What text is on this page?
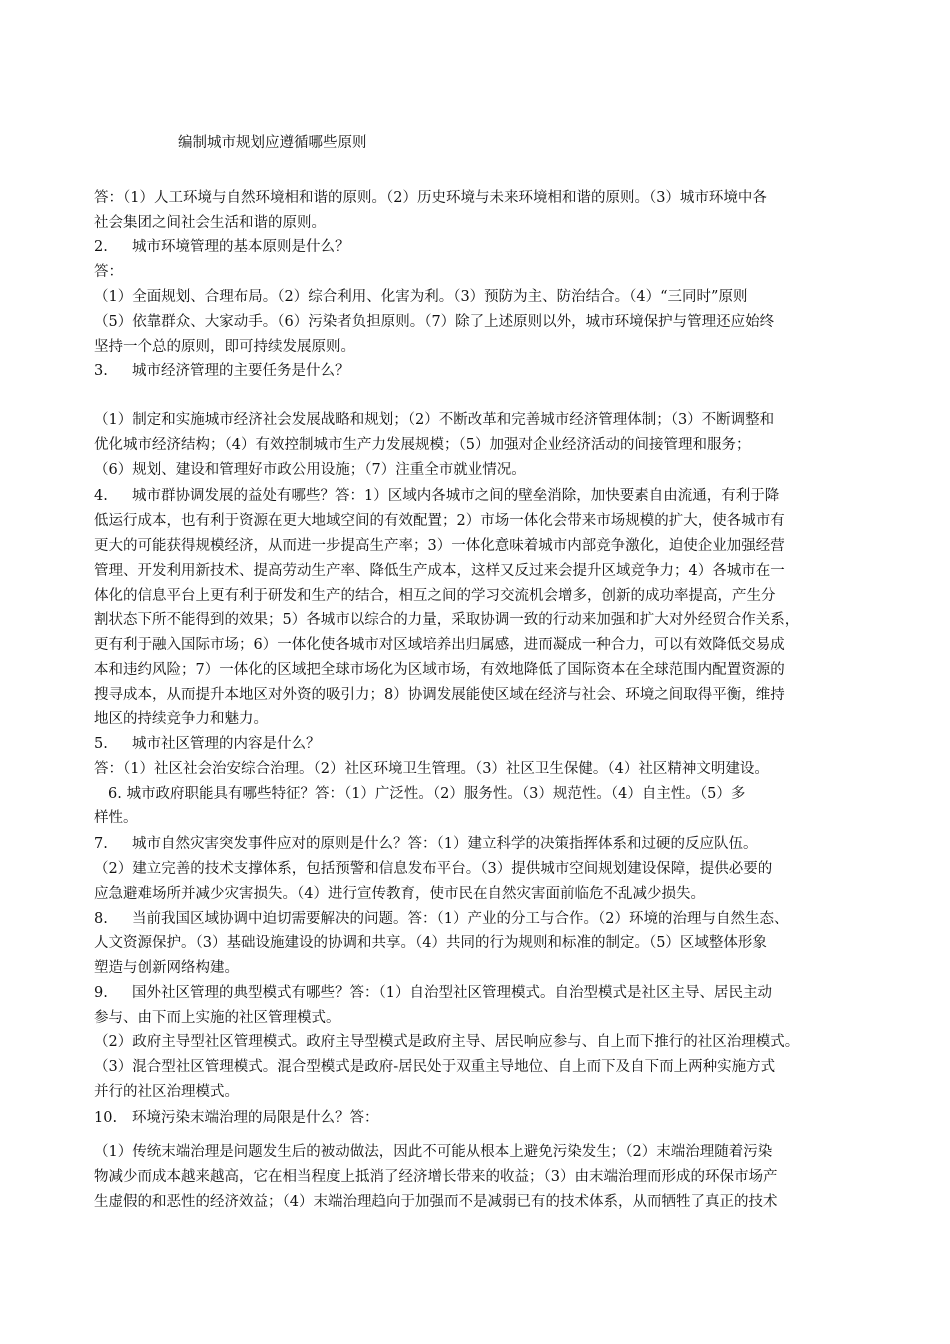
编制城市规划应遵循哪些原则
答：（1）人工环境与自然环境相和谐的原则。（2）历史环境与未来环境相和谐的原则。（3）城市环境中各
社会集团之间社会生活和谐的原则。
2. 城市环境管理的基本原则是什么？
答：
（1）全面规划、合理布局。（2）综合利用、化害为利。（3）预防为主、防治结合。（4）“三同时”原则
（5）依靠群众、大家动手。（6）污染者负担原则。（7）除了上述原则以外，城市环境保护与管理还应始终
坚持一个总的原则，即可持续发展原则。
3. 城市经济管理的主要任务是什么？
（1）制定和实施城市经济社会发展战略和规划；（2）不断改革和完善城市经济管理体制；（3）不断调整和
优化城市经济结构；（4）有效控制城市生产力发展规模；（5）加强对企业经济活动的间接管理和服务；
（6）规划、建设和管理好市政公用设施；（7）注重全市就业情况。
4. 城市群协调发展的益处有哪些？答：1）区域内各城市之间的壁垒消除，加快要素自由流通，有利于降
低运行成本，也有利于资源在更大地域空间的有效配置；2）市场一体化会带来市场规模的扩大，使各城市有
更大的可能获得规模经济，从而进一步提高生产率；3）一体化意味着城市内部竞争激化，迫使企业加强经营
管理、开发利用新技术、提高劳动生产率、降低生产成本，这样又反过来会提升区域竞争力；4）各城市在一
体化的信息平台上更有利于研发和生产的结合，相互之间的学习交流机会增多，创新的成功率提高，产生分
割状态下所不能得到的效果；5）各城市以综合的力量，采取协调一致的行动来加强和扩大对外经贸合作关系，
更有利于融入国际市场；6）一体化使各城市对区域培养出归属感，进而凝成一种合力，可以有效降低交易成
本和违约风险；7）一体化的区域把全球市场化为区域市场，有效地降低了国际资本在全球范围内配置资源的
搜寻成本，从而提升本地区对外资的吸引力；8）协调发展能使区域在经济与社会、环境之间取得平衡，维持
地区的持续竞争力和魅力。
5. 城市社区管理的内容是什么？
答：（1）社区社会治安综合治理。（2）社区环境卫生管理。（3）社区卫生保健。（4）社区精神文明建设。
6. 城市政府职能具有哪些特征？答：（1）广泛性。（2）服务性。（3）规范性。（4）自主性。（5）多
样性。
7. 城市自然灾害突发事件应对的原则是什么？答：（1）建立科学的决策指挥体系和过硬的反应队伍。
（2）建立完善的技术支撑体系，包括预警和信息发布平台。（3）提供城市空间规划建设保障，提供必要的
应急避难场所并减少灾害损失。（4）进行宣传教育，使市民在自然灾害面前临危不乱减少损失。
8. 当前我国区域协调中迫切需要解决的问题。答：（1）产业的分工与合作。（2）环境的治理与自然生态、
人文资源保护。（3）基础设施建设的协调和共享。（4）共同的行为规则和标准的制定。（5）区域整体形象
塑造与创新网络构建。
9. 国外社区管理的典型模式有哪些？答：（1）自治型社区管理模式。自治型模式是社区主导、居民主动
参与、由下而上实施的社区管理模式。
（2）政府主导型社区管理模式。政府主导型模式是政府主导、居民响应参与、自上而下推行的社区治理模式。
（3）混合型社区管理模式。混合型模式是政府-居民处于双重主导地位、自上而下及自下而上两种实施方式
并行的社区治理模式。
10. 环境污染末端治理的局限是什么？答：
（1）传统末端治理是问题发生后的被动做法，因此不可能从根本上避免污染发生；（2）末端治理随着污染
物减少而成本越来越高，它在相当程度上抵消了经济增长带来的收益；（3）由末端治理而形成的环保市场产
生虚假的和恶性的经济效益；（4）末端治理趋向于加强而不是减弱已有的技术体系，从而牺牲了真正的技术
